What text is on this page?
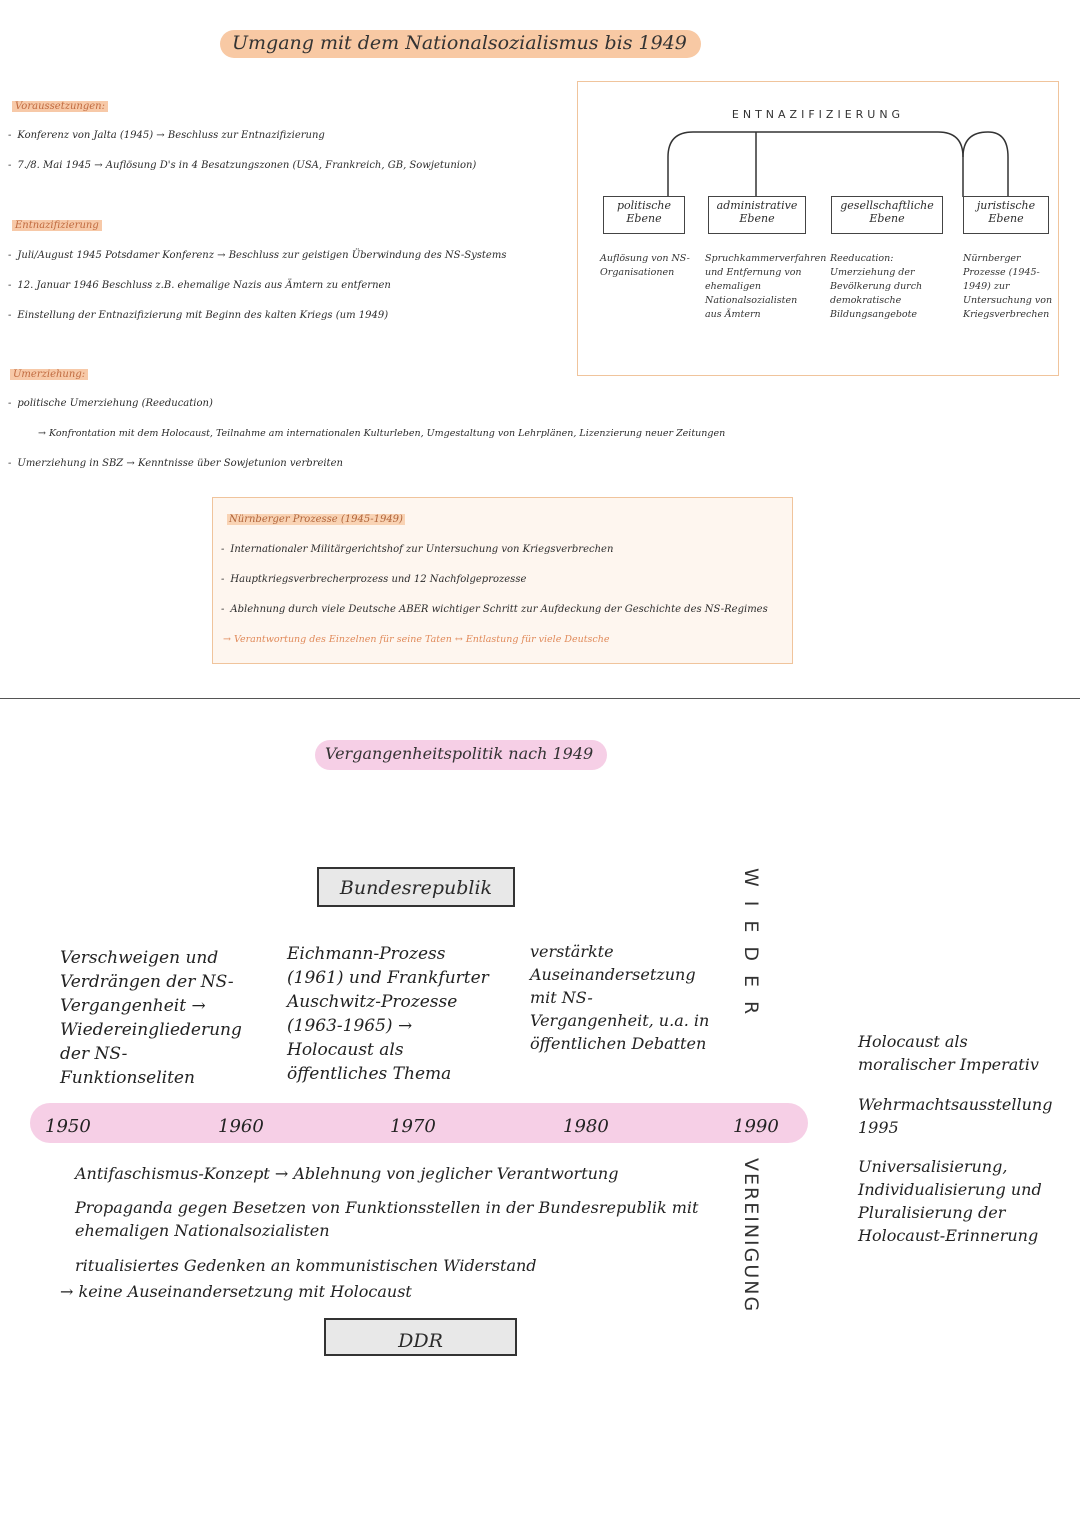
Umgang mit dem Nationalsozialismus bis 1949
Voraussetzungen:
- Konferenz von Jalta (1945) → Beschluss zur Entnazifizierung
- 7./8. Mai 1945 → Auflösung D's in 4 Besatzungszonen (USA, Frankreich, GB, Sowjetunion)
Entnazifizierung
- Juli/August 1945 Potsdamer Konferenz → Beschluss zur geistigen Überwindung des NS-Systems
- 12. Januar 1946 Beschluss z.B. ehemalige Nazis aus Ämtern zu entfernen
- Einstellung der Entnazifizierung mit Beginn des kalten Kriegs (um 1949)
ENTNAZIFIZIERUNG
politische Ebene
administrative Ebene
gesellschaftliche Ebene
juristische Ebene
Auflösung von NS-Organisationen
Spruchkammerverfahren und Entfernung von ehemaligen Nationalsozialisten aus Ämtern
Reeducation: Umerziehung der Bevölkerung durch demokratische Bildungsangebote
Nürnberger Prozesse (1945-1949) zur Untersuchung von Kriegsverbrechen
Umerziehung:
- politische Umerziehung (Reeducation)
→ Konfrontation mit dem Holocaust, Teilnahme am internationalen Kulturleben, Umgestaltung von Lehrplänen, Lizenzierung neuer Zeitungen
- Umerziehung in SBZ → Kenntnisse über Sowjetunion verbreiten
Nürnberger Prozesse (1945-1949)
- Internationaler Militärgerichtshof zur Untersuchung von Kriegsverbrechen
- Hauptkriegsverbrecherprozess und 12 Nachfolgeprozesse
- Ablehnung durch viele Deutsche ABER wichtiger Schritt zur Aufdeckung der Geschichte des NS-Regimes
→ Verantwortung des Einzelnen für seine Taten ↔ Entlastung für viele Deutsche
Vergangenheitspolitik nach 1949
Bundesrepublik
Verschweigen und Verdrängen der NS-Vergangenheit → Wiedereingliederung der NS-Funktionseliten
Eichmann-Prozess (1961) und Frankfurter Auschwitz-Prozesse (1963-1965) → Holocaust als öffentliches Thema
verstärkte Auseinandersetzung mit NS-Vergangenheit, u.a. in öffentlichen Debatten
WIEDER
1950	1960	1970	1980	1990
VEREINIGUNG
Antifaschismus-Konzept → Ablehnung von jeglicher Verantwortung
Propaganda gegen Besetzen von Funktionsstellen in der Bundesrepublik mit ehemaligen Nationalsozialisten
ritualisiertes Gedenken an kommunistischen Widerstand
→ keine Auseinandersetzung mit Holocaust
DDR
Holocaust als moralischer Imperativ
Wehrmachtsausstellung 1995
Universalisierung, Individualisierung und Pluralisierung der Holocaust-Erinnerung
